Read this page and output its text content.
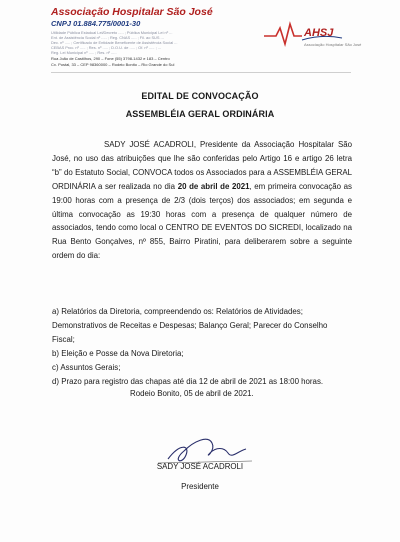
Associação Hospitalar São José
CNPJ 01.884.775/0001-30
Utilidade Pública Estadual Lei/Decreto ..... ; Pública Municipal Lei nº ...
Ent. de Assistência Social nº ..... ; Reg. CNAS ..... ; Fil. ao SUS ...
Dec. nº ..... ; Certificado de Entidade Beneficente de Assistência Social ...
CEBAS Proc. nº ..... ; Res. nº ..... ; D.O.U. de ..... ; Of. nº ..... ; ...
Reg. Lei Municipal nº ..... ; Res. nº .....
Rua João de Castilhos, 290 – Fone (55) 3798-1432 e 183 – Centro
Cx. Postal, 33 – CEP 98360000 – Rodeio Bonito – Rio Grande do Sul
AHSJ
Associação Hospitalar São José
EDITAL DE CONVOCAÇÃO
ASSEMBLÉIA GERAL ORDINÁRIA

SADY JOSÉ ACADROLI, Presidente da Associação Hospitalar São José, no uso das atribuições que lhe são conferidas pelo Artigo 16 e artigo 26 letra “b” do Estatuto Social, CONVOCA todos os Associados para a ASSEMBLÉIA GERAL ORDINÁRIA a ser realizada no dia 20 de abril de 2021, em primeira convocação as 19:00 horas com a presença de 2/3 (dois terços) dos associados; em segunda e última convocação as 19:30 horas com a presença de qualquer número de associados, tendo como local o CENTRO DE EVENTOS DO SICREDI, localizado na Rua Bento Gonçalves, nº 855, Bairro Piratini, para deliberarem sobre a seguinte ordem do dia:

a) Relatórios da Diretoria, compreendendo os: Relatórios de Atividades; Demonstrativos de Receitas e Despesas; Balanço Geral; Parecer do Conselho Fiscal;
b) Eleição e Posse da Nova Diretoria;
c) Assuntos Gerais;
d) Prazo para registro das chapas até dia 12 de abril de 2021 as 18:00 horas.
Rodeio Bonito, 05 de abril de 2021.
SADY JOSÉ ACADROLI
Presidente
